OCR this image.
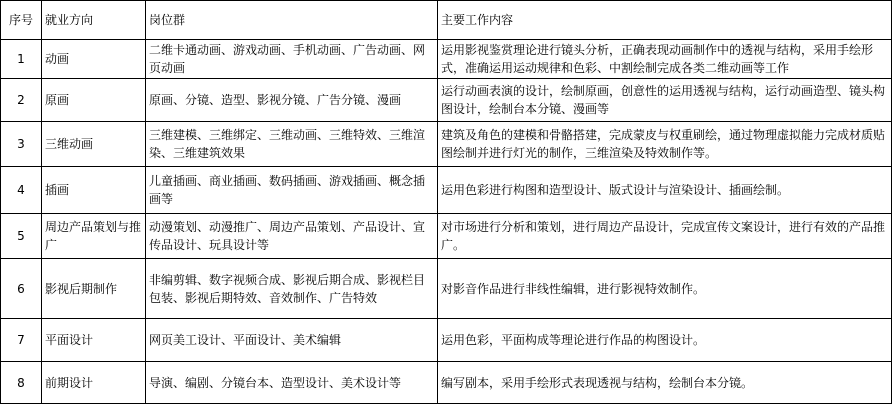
序号	就业方向	岗位群	主要工作内容
1	动画	二维卡通动画、游戏动画、手机动画、广告动画、网页动画	运用影视鉴赏理论进行镜头分析，正确表现动画制作中的透视与结构，采用手绘形式，准确运用运动规律和色彩、中割绘制完成各类二维动画等工作
2	原画	原画、分镜、造型、影视分镜、广告分镜、漫画	运行动画表演的设计，绘制原画，创意性的运用透视与结构，运行动画造型、镜头构图设计，绘制台本分镜、漫画等
3	三维动画	三维建模、三维绑定、三维动画、三维特效、三维渲染、三维建筑效果	建筑及角色的建模和骨骼搭建，完成蒙皮与权重刷绘，通过物理虚拟能力完成材质贴图绘制并进行灯光的制作，三维渲染及特效制作等。
4	插画	儿童插画、商业插画、数码插画、游戏插画、概念插画等	运用色彩进行构图和造型设计、版式设计与渲染设计、插画绘制。
5	周边产品策划与推广	动漫策划、动漫推广、周边产品策划、产品设计、宣传品设计、玩具设计等	对市场进行分析和策划，进行周边产品设计，完成宣传文案设计，进行有效的产品推广。
6	影视后期制作	非编剪辑、数字视频合成、影视后期合成、影视栏目包装、影视后期特效、音效制作、广告特效	对影音作品进行非线性编辑，进行影视特效制作。
7	平面设计	网页美工设计、平面设计、美术编辑	运用色彩，平面构成等理论进行作品的构图设计。
8	前期设计	导演、编剧、分镜台本、造型设计、美术设计等	编写剧本，采用手绘形式表现透视与结构，绘制台本分镜。
